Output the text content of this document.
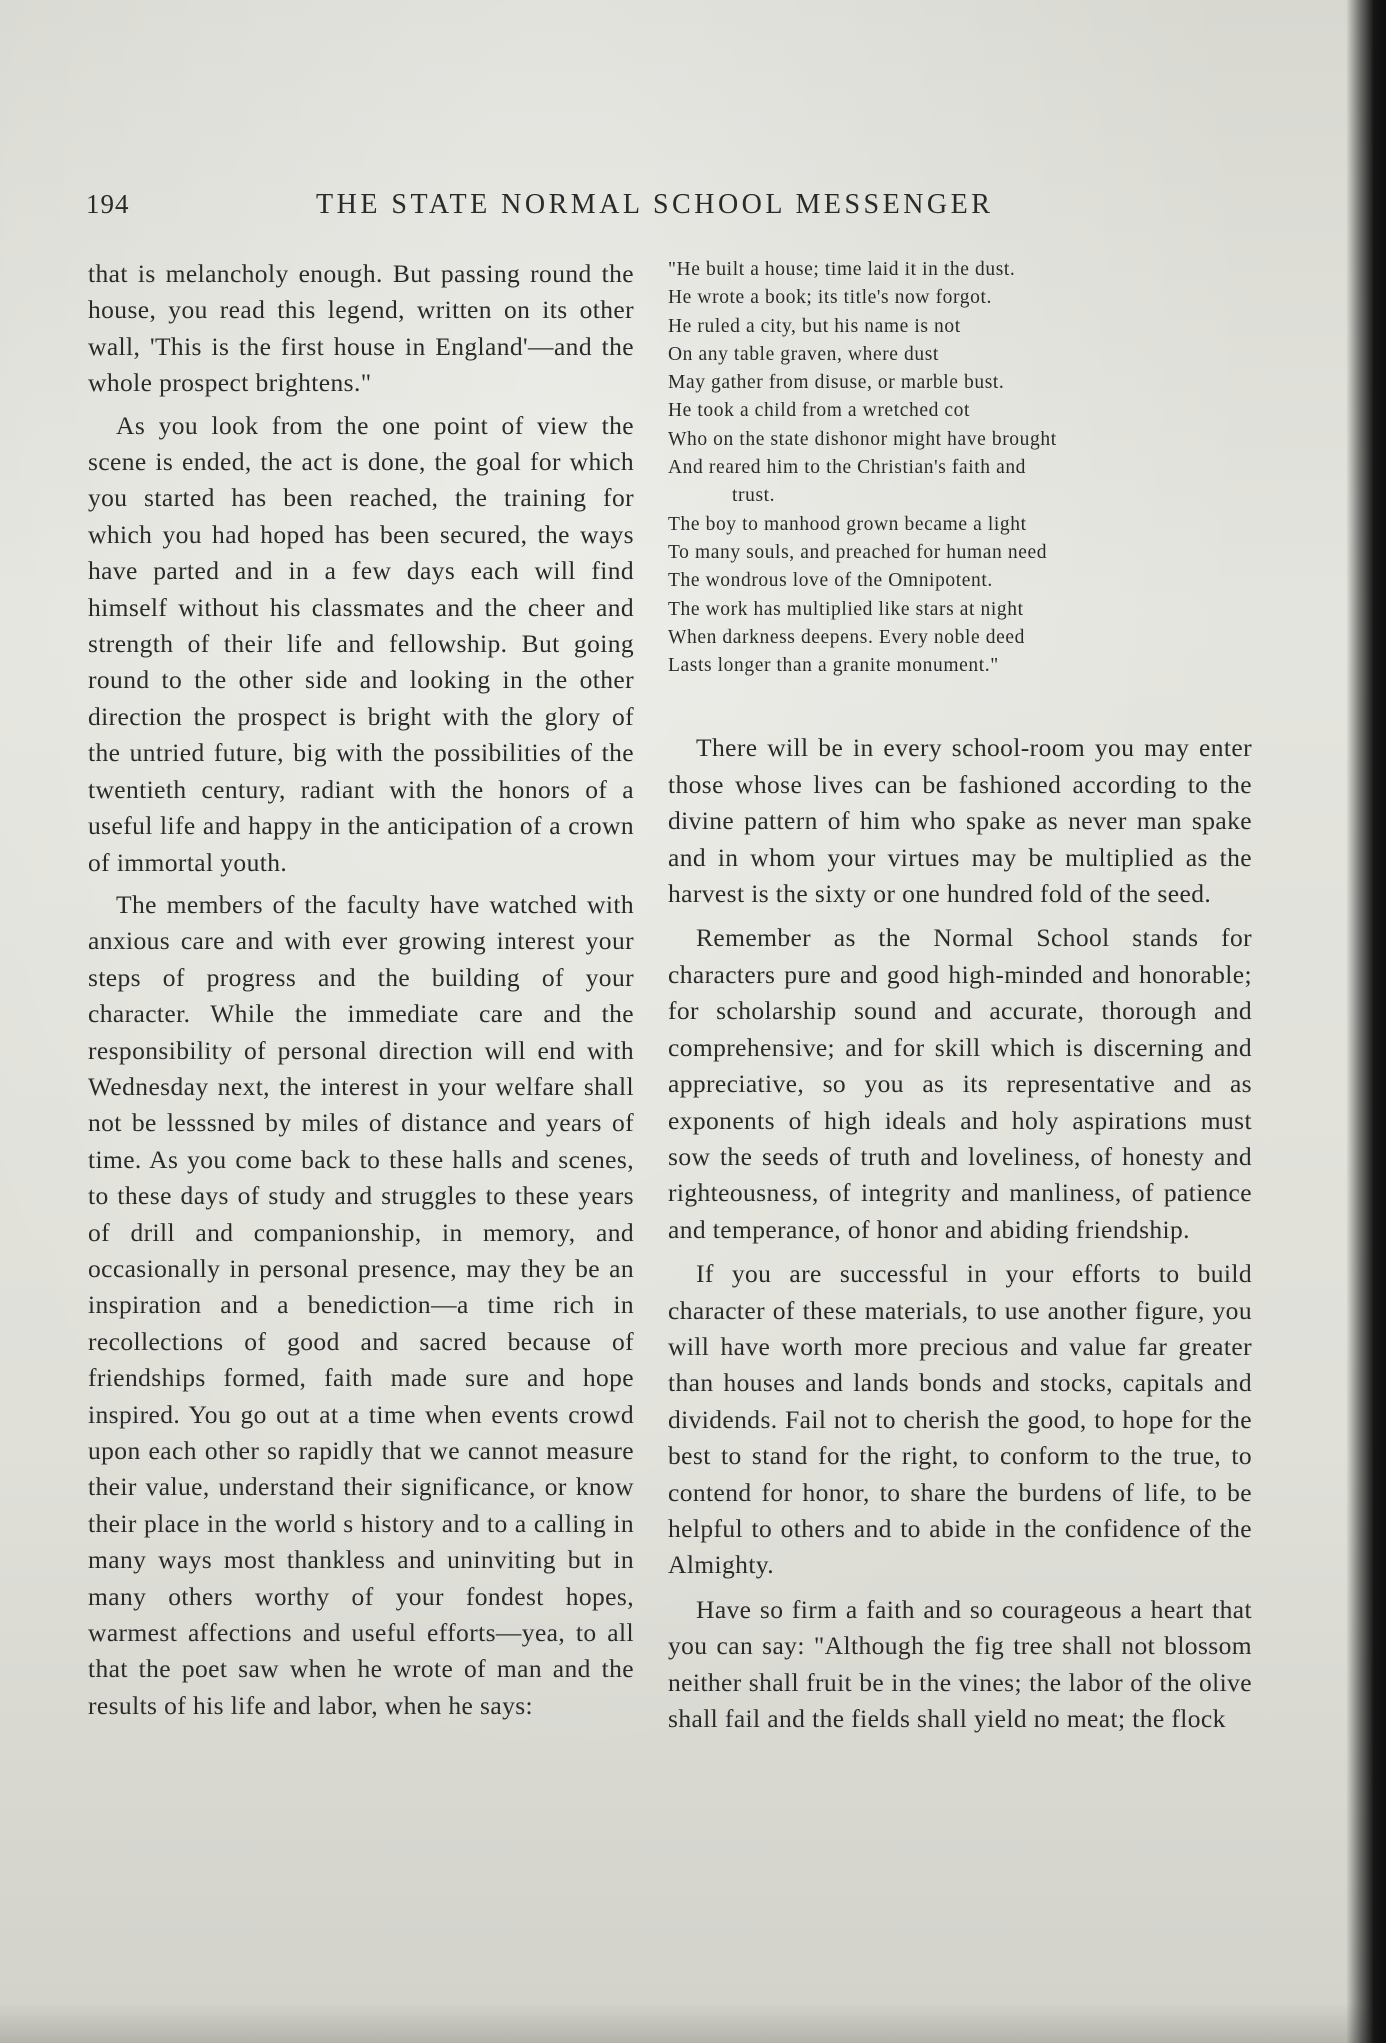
194	THE STATE NORMAL SCHOOL MESSENGER

that is melancholy enough. But passing round the house, you read this legend, written on its other wall, 'This is the first house in England'—and the whole prospect brightens."

As you look from the one point of view the scene is ended, the act is done, the goal for which you started has been reached, the training for which you had hoped has been secured, the ways have parted and in a few days each will find himself without his classmates and the cheer and strength of their life and fellowship. But going round to the other side and looking in the other direction the prospect is bright with the glory of the untried future, big with the possibilities of the twentieth century, radiant with the honors of a useful life and happy in the anticipation of a crown of immortal youth.

The members of the faculty have watched with anxious care and with ever growing interest your steps of progress and the building of your character. While the immediate care and the responsibility of personal direction will end with Wednesday next, the interest in your welfare shall not be lesssned by miles of distance and years of time. As you come back to these halls and scenes, to these days of study and struggles to these years of drill and companionship, in memory, and occasionally in personal presence, may they be an inspiration and a benediction—a time rich in recollections of good and sacred because of friendships formed, faith made sure and hope inspired. You go out at a time when events crowd upon each other so rapidly that we cannot measure their value, understand their significance, or know their place in the world s history and to a calling in many ways most thankless and uninviting but in many others worthy of your fondest hopes, warmest affections and useful efforts—yea, to all that the poet saw when he wrote of man and the results of his life and labor, when he says:

"He built a house; time laid it in the dust.
He wrote a book; its title's now forgot.
He ruled a city, but his name is not
On any table graven, where dust
May gather from disuse, or marble bust.
He took a child from a wretched cot
Who on the state dishonor might have brought
And reared him to the Christian's faith and
trust.
The boy to manhood grown became a light
To many souls, and preached for human need
The wondrous love of the Omnipotent.
The work has multiplied like stars at night
When darkness deepens. Every noble deed
Lasts longer than a granite monument."

There will be in every school-room you may enter those whose lives can be fashioned according to the divine pattern of him who spake as never man spake and in whom your virtues may be multiplied as the harvest is the sixty or one hundred fold of the seed.

Remember as the Normal School stands for characters pure and good high-minded and honorable; for scholarship sound and accurate, thorough and comprehensive; and for skill which is discerning and appreciative, so you as its representative and as exponents of high ideals and holy aspirations must sow the seeds of truth and loveliness, of honesty and righteousness, of integrity and manliness, of patience and temperance, of honor and abiding friendship.

If you are successful in your efforts to build character of these materials, to use another figure, you will have worth more precious and value far greater than houses and lands bonds and stocks, capitals and dividends. Fail not to cherish the good, to hope for the best to stand for the right, to conform to the true, to contend for honor, to share the burdens of life, to be helpful to others and to abide in the confidence of the Almighty.

Have so firm a faith and so courageous a heart that you can say: "Although the fig tree shall not blossom neither shall fruit be in the vines; the labor of the olive shall fail and the fields shall yield no meat; the flock
